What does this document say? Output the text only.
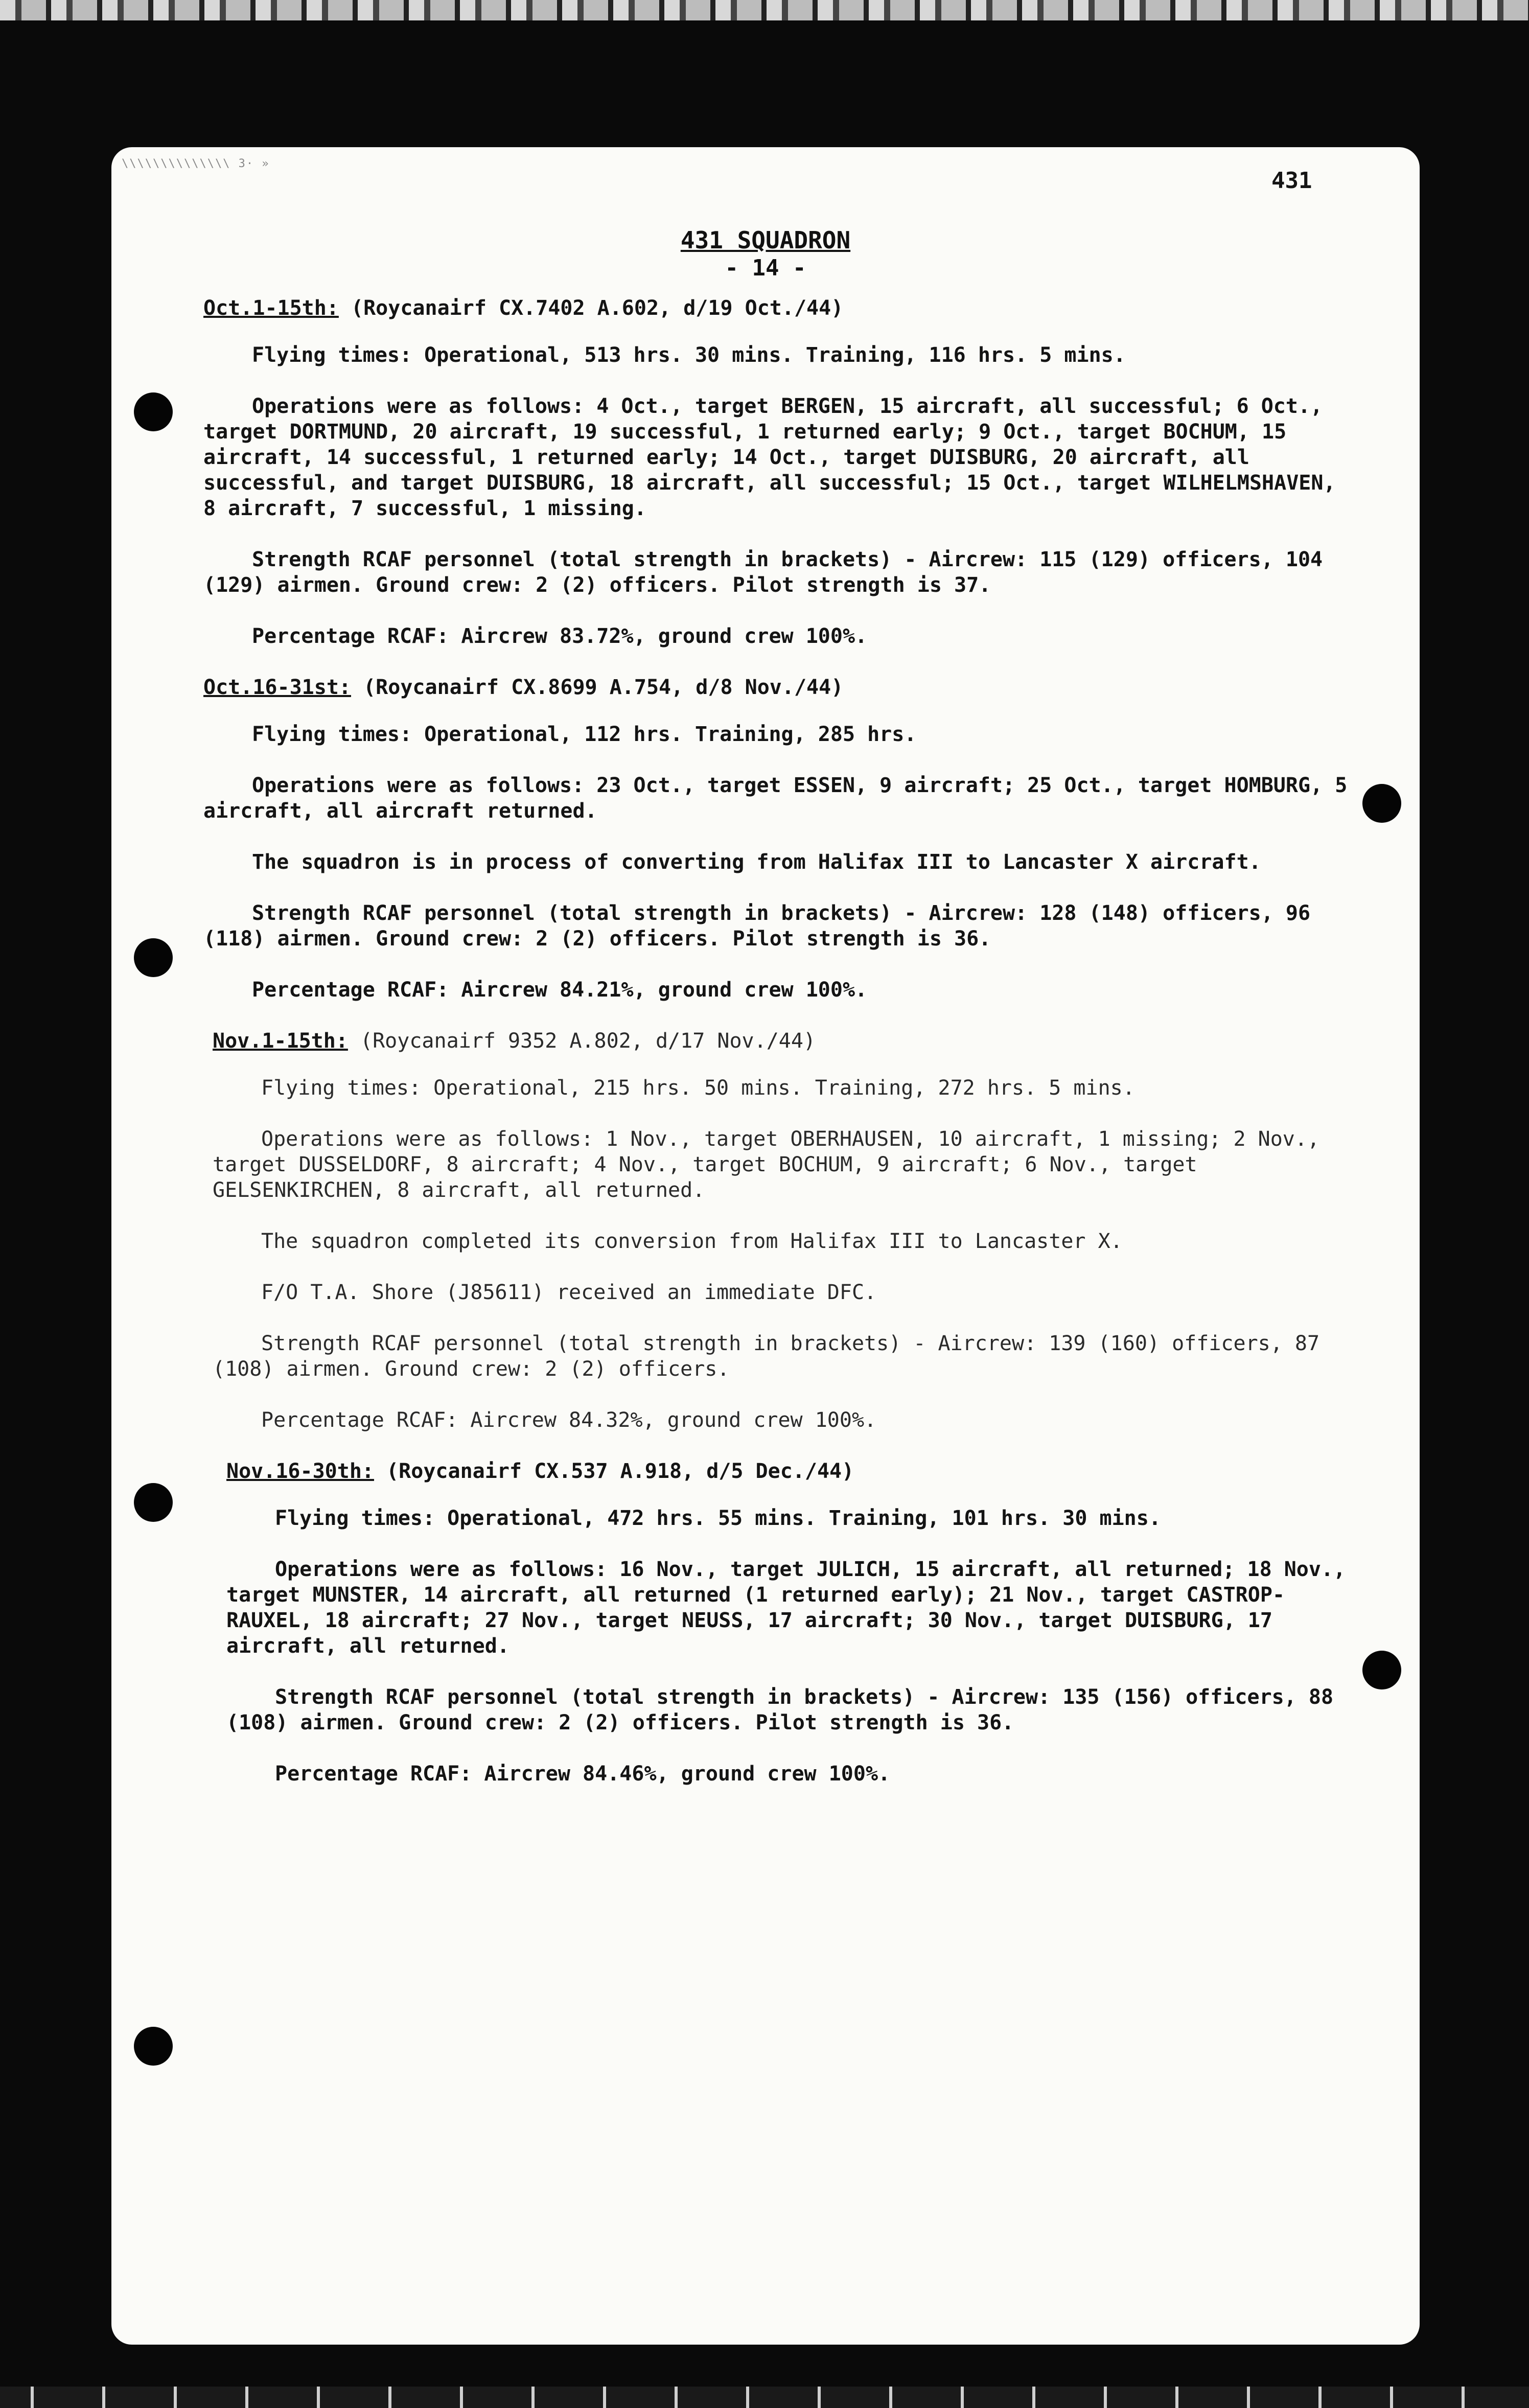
\\\\\\\\\\\\\\ 3· »
431
431 SQUADRON
- 14 -

Oct.1-15th: (Roycanairf CX.7402 A.602, d/19 Oct./44)

Flying times: Operational, 513 hrs. 30 mins. Training, 116 hrs. 5 mins.

Operations were as follows: 4 Oct., target BERGEN, 15 aircraft, all successful; 6 Oct., target DORTMUND, 20 aircraft, 19 successful, 1 returned early; 9 Oct., target BOCHUM, 15 aircraft, 14 successful, 1 returned early; 14 Oct., target DUISBURG, 20 aircraft, all successful, and target DUISBURG, 18 aircraft, all successful; 15 Oct., target WILHELMSHAVEN, 8 aircraft, 7 successful, 1 missing.

Strength RCAF personnel (total strength in brackets) - Aircrew: 115 (129) officers, 104 (129) airmen. Ground crew: 2 (2) officers. Pilot strength is 37.

Percentage RCAF: Aircrew 83.72%, ground crew 100%.

Oct.16-31st: (Roycanairf CX.8699 A.754, d/8 Nov./44)

Flying times: Operational, 112 hrs. Training, 285 hrs.

Operations were as follows: 23 Oct., target ESSEN, 9 aircraft; 25 Oct., target HOMBURG, 5 aircraft, all aircraft returned.

The squadron is in process of converting from Halifax III to Lancaster X aircraft.

Strength RCAF personnel (total strength in brackets) - Aircrew: 128 (148) officers, 96 (118) airmen. Ground crew: 2 (2) officers. Pilot strength is 36.

Percentage RCAF: Aircrew 84.21%, ground crew 100%.

Nov.1-15th: (Roycanairf 9352 A.802, d/17 Nov./44)

Flying times: Operational, 215 hrs. 50 mins. Training, 272 hrs. 5 mins.

Operations were as follows: 1 Nov., target OBERHAUSEN, 10 aircraft, 1 missing; 2 Nov., target DUSSELDORF, 8 aircraft; 4 Nov., target BOCHUM, 9 aircraft; 6 Nov., target GELSENKIRCHEN, 8 aircraft, all returned.

The squadron completed its conversion from Halifax III to Lancaster X.

F/O T.A. Shore (J85611) received an immediate DFC.

Strength RCAF personnel (total strength in brackets) - Aircrew: 139 (160) officers, 87 (108) airmen. Ground crew: 2 (2) officers.

Percentage RCAF: Aircrew 84.32%, ground crew 100%.

Nov.16-30th: (Roycanairf CX.537 A.918, d/5 Dec./44)

Flying times: Operational, 472 hrs. 55 mins. Training, 101 hrs. 30 mins.

Operations were as follows: 16 Nov., target JULICH, 15 aircraft, all returned; 18 Nov., target MUNSTER, 14 aircraft, all returned (1 returned early); 21 Nov., target CASTROP-RAUXEL, 18 aircraft; 27 Nov., target NEUSS, 17 aircraft; 30 Nov., target DUISBURG, 17 aircraft, all returned.

Strength RCAF personnel (total strength in brackets) - Aircrew: 135 (156) officers, 88 (108) airmen. Ground crew: 2 (2) officers. Pilot strength is 36.

Percentage RCAF: Aircrew 84.46%, ground crew 100%.
